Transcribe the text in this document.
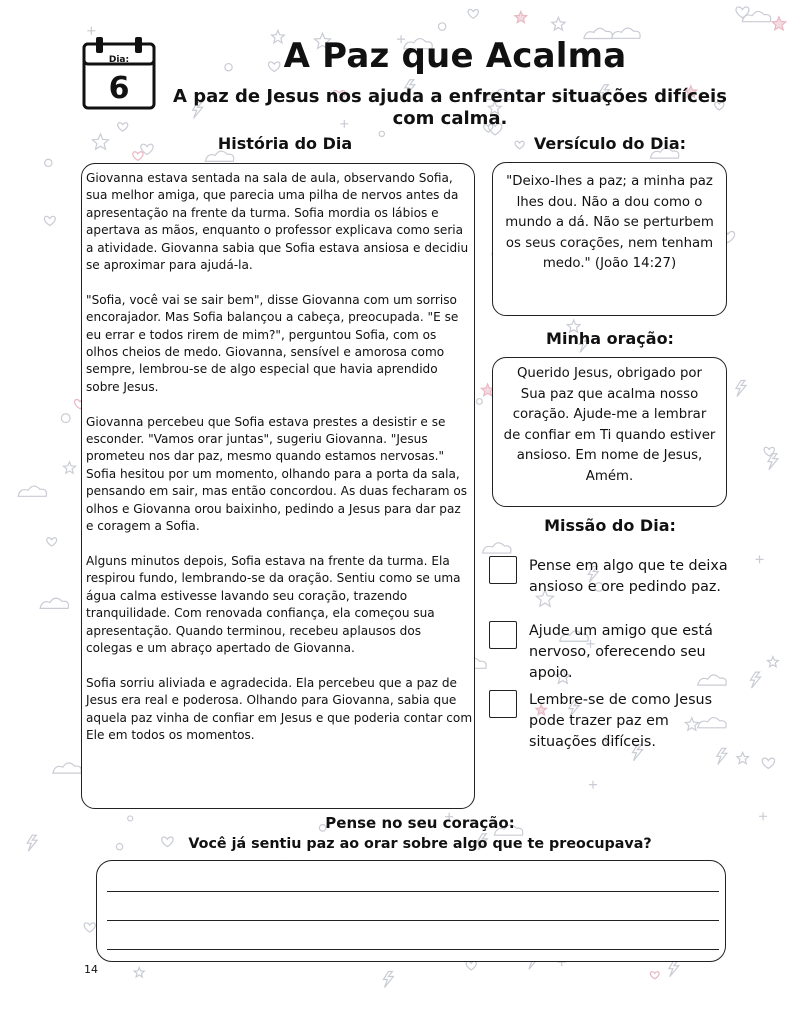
Dia:
6
A Paz que Acalma
A paz de Jesus nos ajuda a enfrentar situações difíceis com calma.
História do Dia

Giovanna estava sentada na sala de aula, observando Sofia,
sua melhor amiga, que parecia uma pilha de nervos antes da
apresentação na frente da turma. Sofia mordia os lábios e
apertava as mãos, enquanto o professor explicava como seria
a atividade. Giovanna sabia que Sofia estava ansiosa e decidiu
se aproximar para ajudá-la.

"Sofia, você vai se sair bem", disse Giovanna com um sorriso
encorajador. Mas Sofia balançou a cabeça, preocupada. "E se
eu errar e todos rirem de mim?", perguntou Sofia, com os
olhos cheios de medo. Giovanna, sensível e amorosa como
sempre, lembrou-se de algo especial que havia aprendido
sobre Jesus.

Giovanna percebeu que Sofia estava prestes a desistir e se
esconder. "Vamos orar juntas", sugeriu Giovanna. "Jesus
prometeu nos dar paz, mesmo quando estamos nervosas."
Sofia hesitou por um momento, olhando para a porta da sala,
pensando em sair, mas então concordou. As duas fecharam os
olhos e Giovanna orou baixinho, pedindo a Jesus para dar paz
e coragem a Sofia.

Alguns minutos depois, Sofia estava na frente da turma. Ela
respirou fundo, lembrando-se da oração. Sentiu como se uma
água calma estivesse lavando seu coração, trazendo
tranquilidade. Com renovada confiança, ela começou sua
apresentação. Quando terminou, recebeu aplausos dos
colegas e um abraço apertado de Giovanna.

Sofia sorriu aliviada e agradecida. Ela percebeu que a paz de
Jesus era real e poderosa. Olhando para Giovanna, sabia que
aquela paz vinha de confiar em Jesus e que poderia contar com
Ele em todos os momentos.

Versículo do Dia:
"Deixo-lhes a paz; a minha paz
lhes dou. Não a dou como o
mundo a dá. Não se perturbem
os seus corações, nem tenham
medo." (João 14:27)
Minha oração:
Querido Jesus, obrigado por
Sua paz que acalma nosso
coração. Ajude-me a lembrar
de confiar em Ti quando estiver
ansioso. Em nome de Jesus,
Amém.
Missão do Dia:
Pense em algo que te deixa
ansioso e ore pedindo paz.
Ajude um amigo que está
nervoso, oferecendo seu
apoio.
Lembre-se de como Jesus
pode trazer paz em
situações difíceis.
Pense no seu coração:
Você já sentiu paz ao orar sobre algo que te preocupava?
14
